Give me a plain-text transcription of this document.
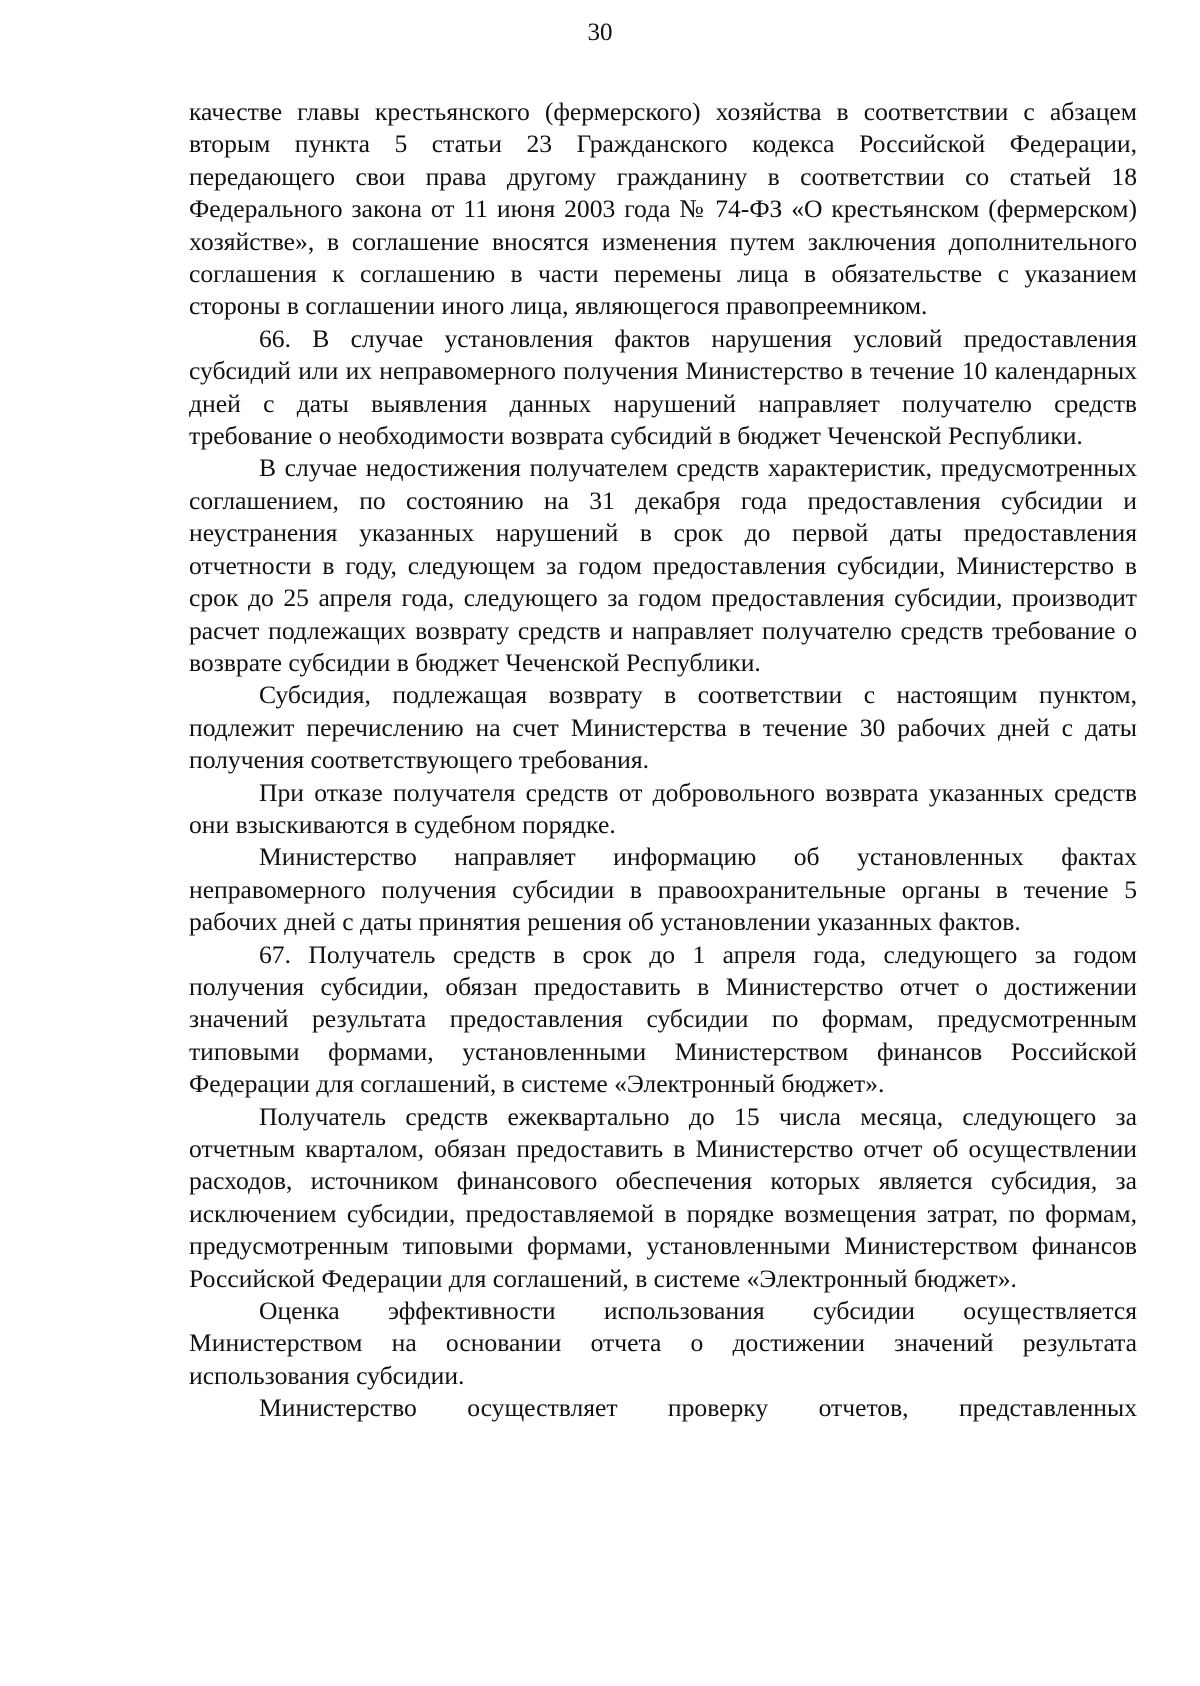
30

качестве главы крестьянского (фермерского) хозяйства в соответствии с абзацем вторым пункта 5 статьи 23 Гражданского кодекса Российской Федерации, передающего свои права другому гражданину в соответствии со статьей 18 Федерального закона от 11 июня 2003 года № 74-ФЗ «О крестьянском (фермерском) хозяйстве», в соглашение вносятся изменения путем заключения дополнительного соглашения к соглашению в части перемены лица в обязательстве с указанием стороны в соглашении иного лица, являющегося правопреемником.

66. В случае установления фактов нарушения условий предоставления субсидий или их неправомерного получения Министерство в течение 10 календарных дней с даты выявления данных нарушений направляет получателю средств требование о необходимости возврата субсидий в бюджет Чеченской Республики.

В случае недостижения получателем средств характеристик, предусмотренных соглашением, по состоянию на 31 декабря года предоставления субсидии и неустранения указанных нарушений в срок до первой даты предоставления отчетности в году, следующем за годом предоставления субсидии, Министерство в срок до 25 апреля года, следующего за годом предоставления субсидии, производит расчет подлежащих возврату средств и направляет получателю средств требование о возврате субсидии в бюджет Чеченской Республики.

Субсидия, подлежащая возврату в соответствии с настоящим пунктом, подлежит перечислению на счет Министерства в течение 30 рабочих дней с даты получения соответствующего требования.

При отказе получателя средств от добровольного возврата указанных средств они взыскиваются в судебном порядке.

Министерство направляет информацию об установленных фактах неправомерного получения субсидии в правоохранительные органы в течение 5 рабочих дней с даты принятия решения об установлении указанных фактов.

67. Получатель средств в срок до 1 апреля года, следующего за годом получения субсидии, обязан предоставить в Министерство отчет о достижении значений результата предоставления субсидии по формам, предусмотренным типовыми формами, установленными Министерством финансов Российской Федерации для соглашений, в системе «Электронный бюджет».

Получатель средств ежеквартально до 15 числа месяца, следующего за отчетным кварталом, обязан предоставить в Министерство отчет об осуществлении расходов, источником финансового обеспечения которых является субсидия, за исключением субсидии, предоставляемой в порядке возмещения затрат, по формам, предусмотренным типовыми формами, установленными Министерством финансов Российской Федерации для соглашений, в системе «Электронный бюджет».

Оценка эффективности использования субсидии осуществляется Министерством на основании отчета о достижении значений результата использования субсидии.

Министерство осуществляет проверку отчетов, представленных
